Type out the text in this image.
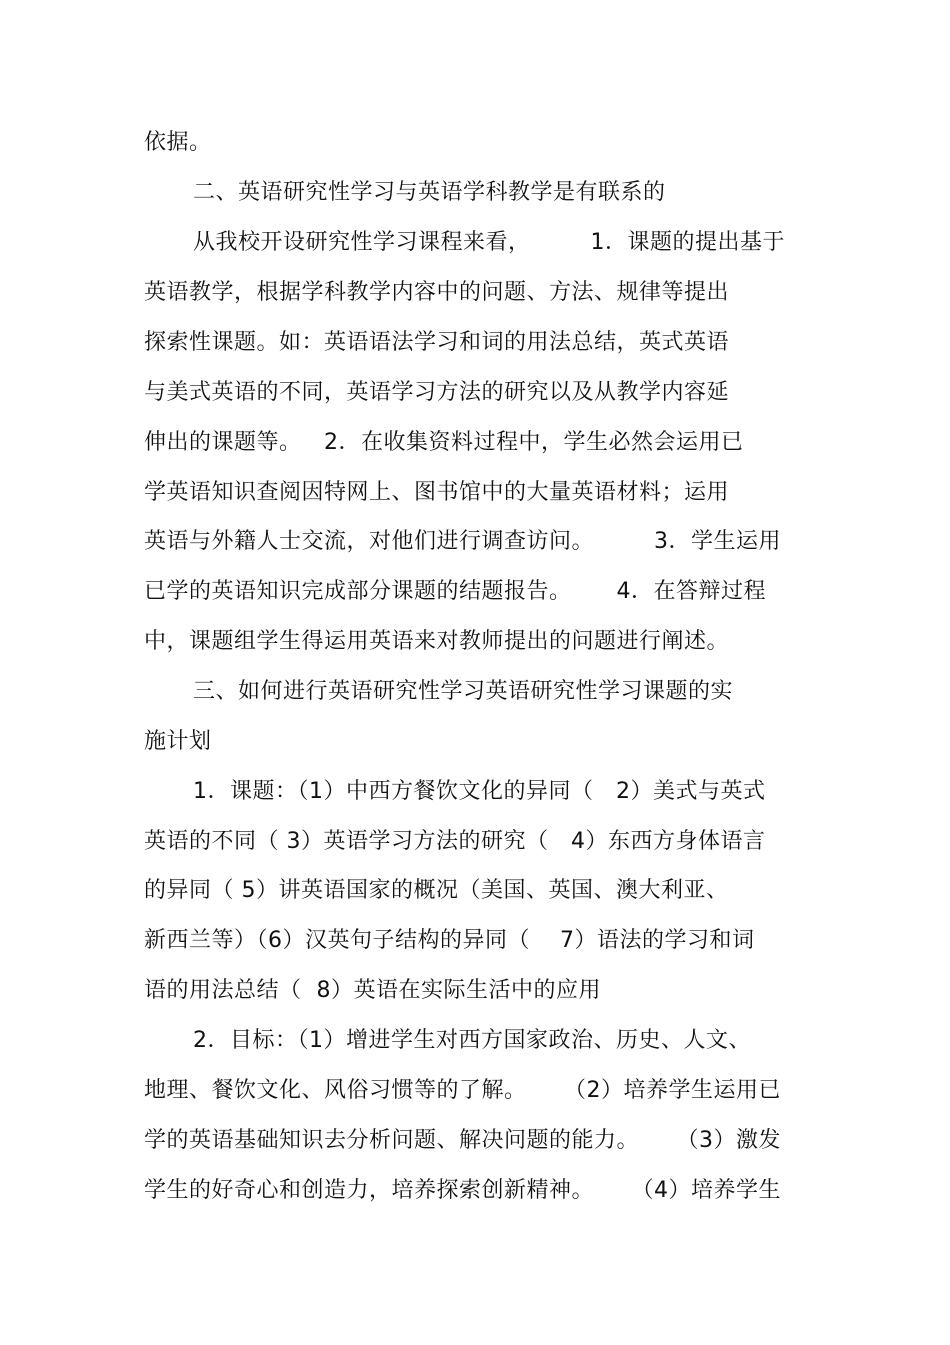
依据。
二、英语研究性学习与英语学科教学是有联系的
从我校开设研究性学习课程来看，        1．课题的提出基于
英语教学，根据学科教学内容中的问题、方法、规律等提出
探索性课题。如：英语语法学习和词的用法总结，英式英语
与美式英语的不同，英语学习方法的研究以及从教学内容延
伸出的课题等。   2．在收集资料过程中，学生必然会运用已
学英语知识查阅因特网上、图书馆中的大量英语材料；运用
英语与外籍人士交流，对他们进行调查访问。        3．学生运用
已学的英语知识完成部分课题的结题报告。      4．在答辩过程
中，课题组学生得运用英语来对教师提出的问题进行阐述。
三、如何进行英语研究性学习英语研究性学习课题的实
施计划
1．课题：（1）中西方餐饮文化的异同（   2）美式与英式
英语的不同（ 3）英语学习方法的研究（   4）东西方身体语言
的异同（ 5）讲英语国家的概况（美国、英国、澳大利亚、
新西兰等）（6）汉英句子结构的异同（    7）语法的学习和词
语的用法总结（  8）英语在实际生活中的应用
2．目标：（1）增进学生对西方国家政治、历史、人文、
地理、餐饮文化、风俗习惯等的了解。     （2）培养学生运用已
学的英语基础知识去分析问题、解决问题的能力。     （3）激发
学生的好奇心和创造力，培养探索创新精神。     （4）培养学生
